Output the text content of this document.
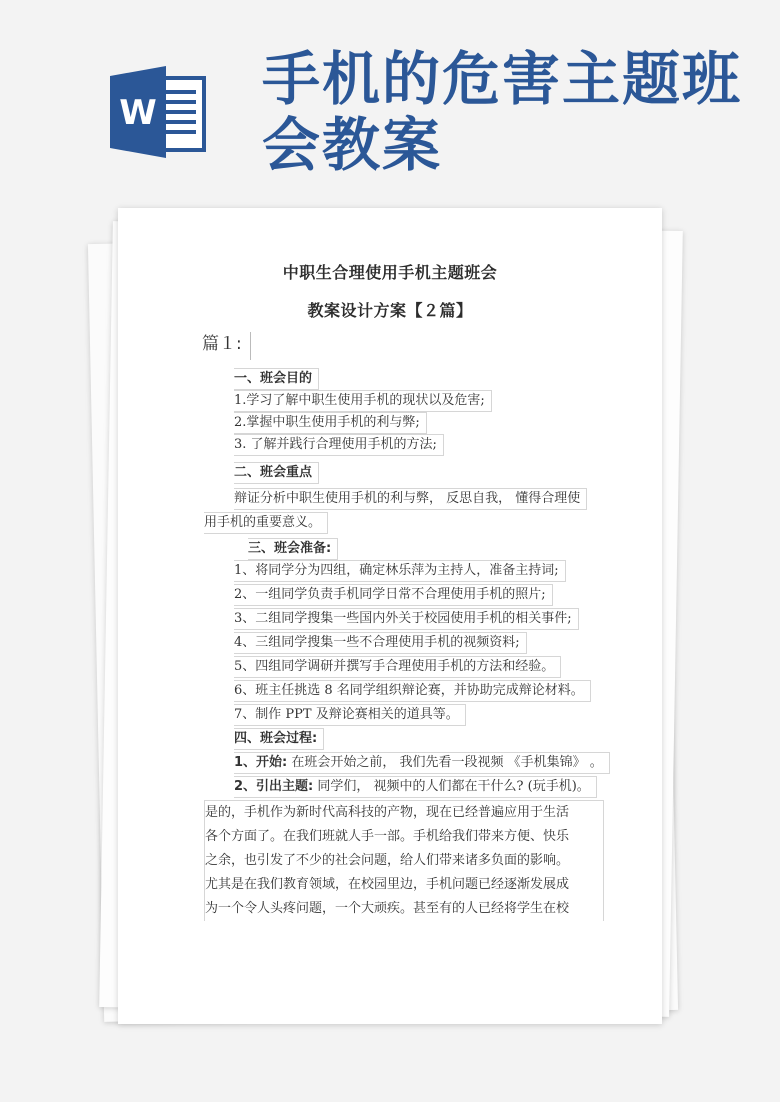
W 手机的危害主题班
会教案
中职生合理使用手机主题班会
教案设计方案【２篇】
篇１:
一、班会目的
1.学习了解中职生使用手机的现状以及危害;
2.掌握中职生使用手机的利与弊;
3. 了解并践行合理使用手机的方法;
二、班会重点
辩证分析中职生使用手机的利与弊， 反思自我， 懂得合理使
用手机的重要意义。
三、班会准备:
1、将同学分为四组，确定林乐萍为主持人，准备主持词;
2、一组同学负责手机同学日常不合理使用手机的照片;
3、二组同学搜集一些国内外关于校园使用手机的相关事件;
4、三组同学搜集一些不合理使用手机的视频资料;
5、四组同学调研并撰写手合理使用手机的方法和经验。
6、班主任挑选 8 名同学组织辩论赛，并协助完成辩论材料。
7、制作 PPT 及辩论赛相关的道具等。
四、班会过程:
1、开始: 在班会开始之前， 我们先看一段视频 《手机集锦》 。
2、引出主题: 同学们， 视频中的人们都在干什么? (玩手机)。
是的，手机作为新时代高科技的产物，现在已经普遍应用于生活
各个方面了。在我们班就人手一部。手机给我们带来方便、快乐
之余，也引发了不少的社会问题，给人们带来诸多负面的影响。
尤其是在我们教育领域，在校园里边，手机问题已经逐渐发展成
为一个令人头疼问题，一个大顽疾。甚至有的人已经将学生在校
